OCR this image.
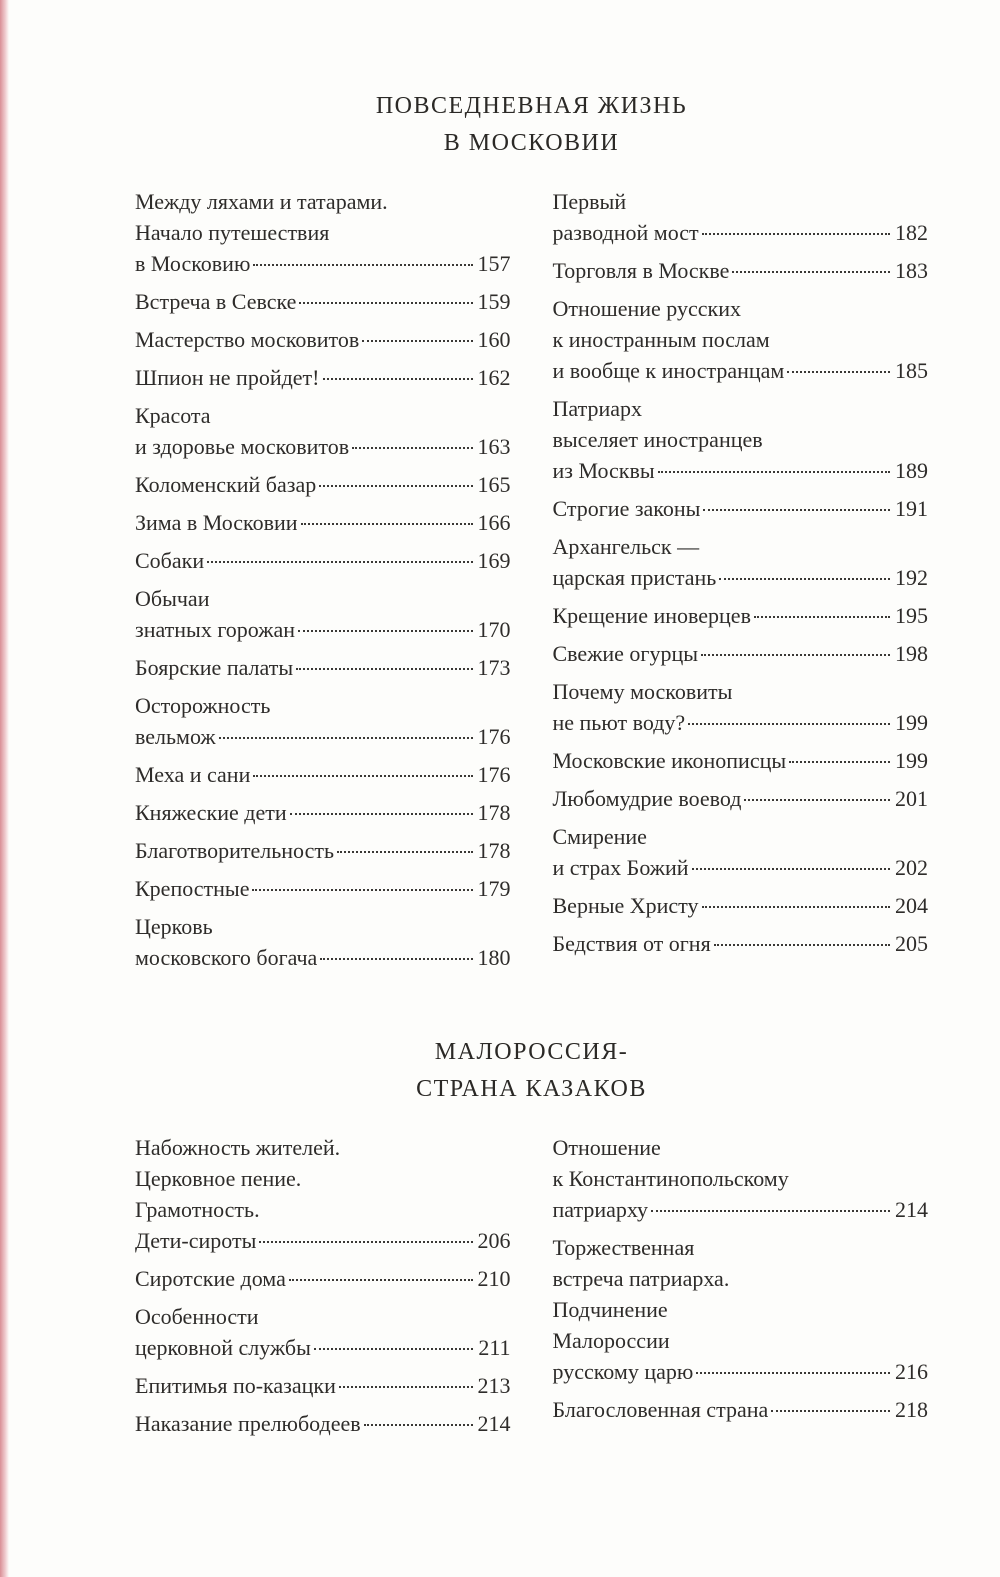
ПОВСЕДНЕВНАЯ ЖИЗНЬ
В МОСКОВИИ
Между ляхами и татарами.
Начало путешествия
в Московию	157
Встреча в Севске	159
Мастерство московитов	160
Шпион не пройдет!	162
Красота
и здоровье московитов	163
Коломенский базар	165
Зима в Московии	166
Собаки	169
Обычаи
знатных горожан	170
Боярские палаты	173
Осторожность
вельмож	176
Меха и сани	176
Княжеские дети	178
Благотворительность	178
Крепостные	179
Церковь
московского богача	180
Первый
разводной мост	182
Торговля в Москве	183
Отношение русских
к иностранным послам
и вообще к иностранцам	185
Патриарх
выселяет иностранцев
из Москвы	189
Строгие законы	191
Архангельск —
царская пристань	192
Крещение иноверцев	195
Свежие огурцы	198
Почему московиты
не пьют воду?	199
Московские иконописцы	199
Любомудрие воевод	201
Смирение
и страх Божий	202
Верные Христу	204
Бедствия от огня	205
МАЛОРОССИЯ-
СТРАНА КАЗАКОВ
Набожность жителей.
Церковное пение.
Грамотность.
Дети-сироты	206
Сиротские дома	210
Особенности
церковной службы	211
Епитимья по-казацки	213
Наказание прелюбодеев	214
Отношение
к Константинопольскому
патриарху	214
Торжественная
встреча патриарха.
Подчинение
Малороссии
русскому царю	216
Благословенная страна	218
